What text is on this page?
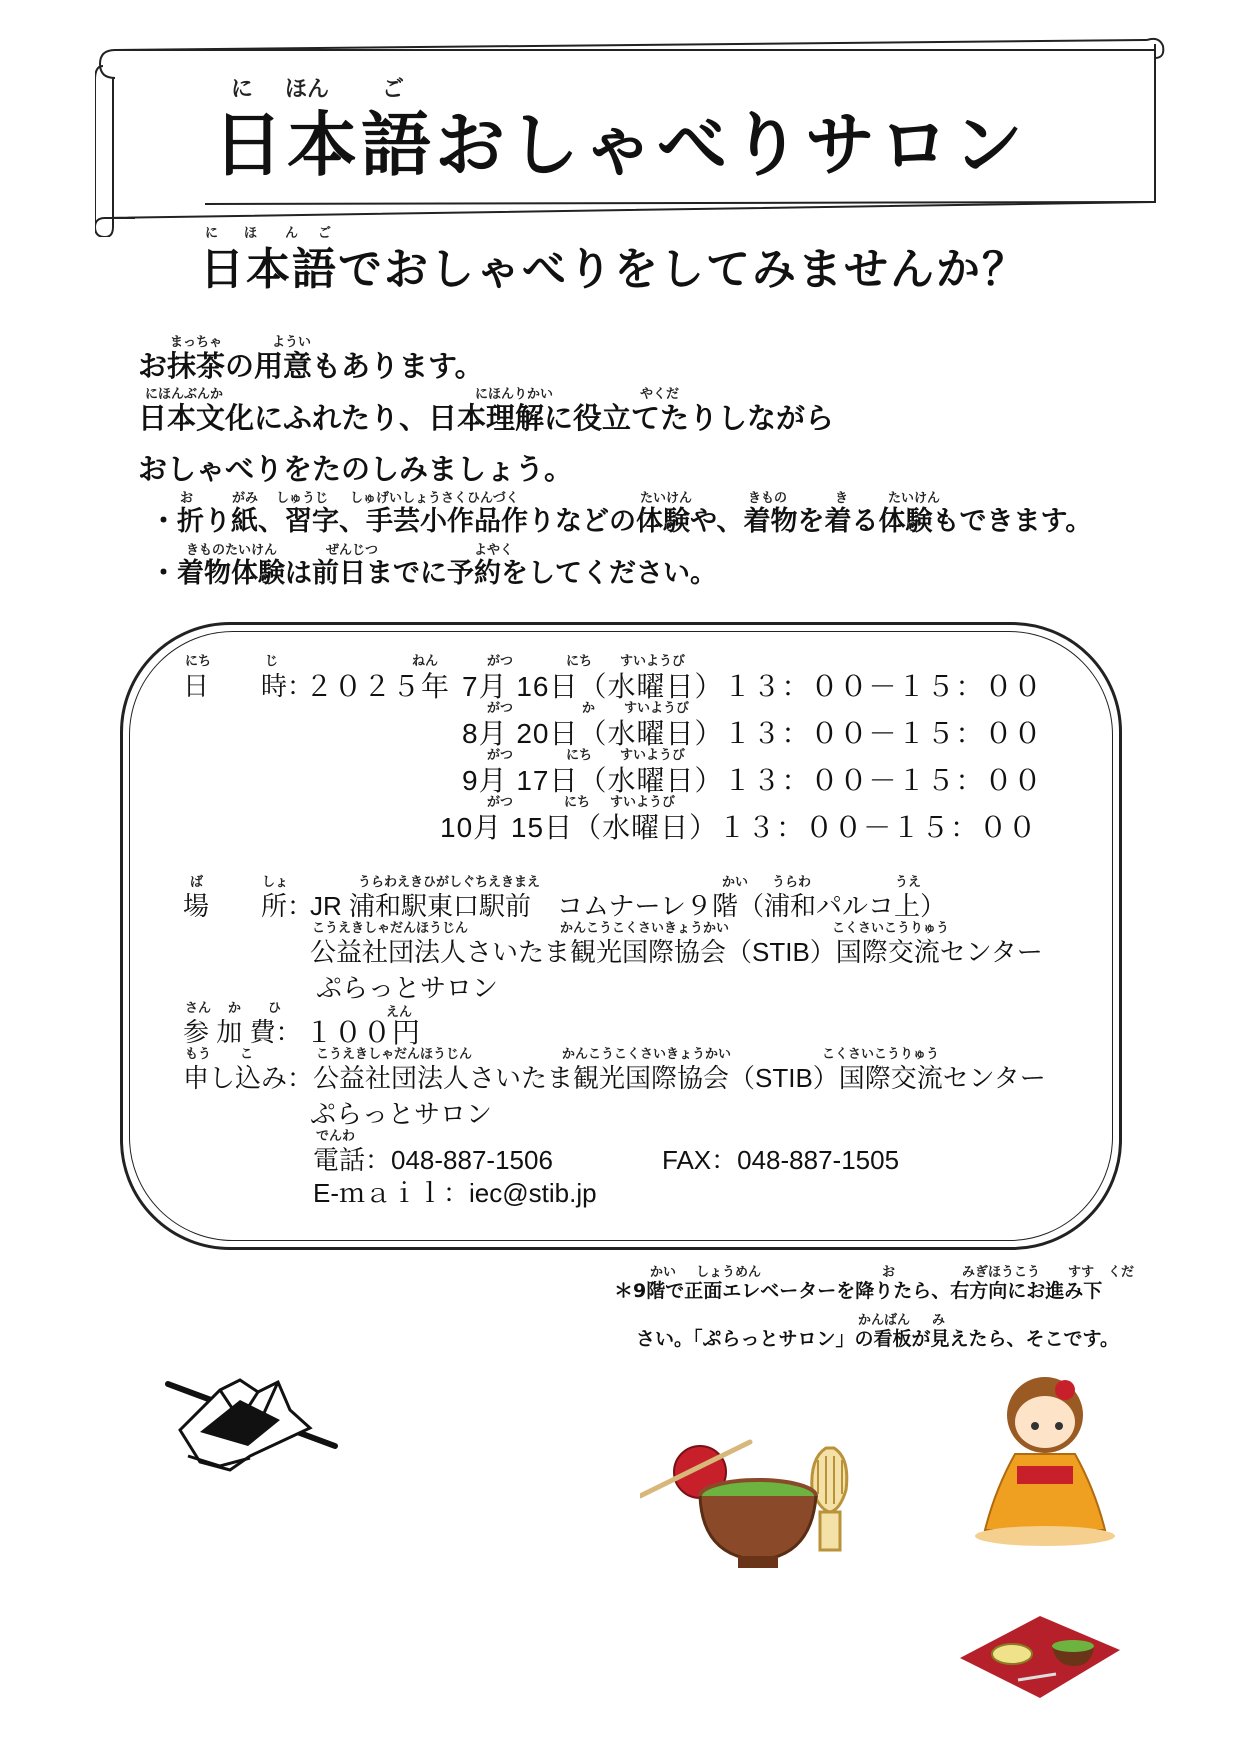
に ほん ご
日本語おしゃべりサロン
に ほ ん ご
日本語でおしゃべりをしてみませんか？
まっちゃ	ようい
お抹茶の用意もあります。
にほんぶんか	にほんりかい	やくだ
日本文化にふれたり、日本理解に役立てたりしながら
おしゃべりをたのしみましょう。
お	がみ しゅうじ しゅげいしょうさくひんづく	たいけん	きもの	き	たいけん
・折り紙、習字、手芸小作品作りなどの体験や、着物を着る体験もできます。
きものたいけん	ぜんじつ	よやく
・着物体験は前日までに予約をしてください。
にち	じ	ねん
日　　時：
２０２５年
がつ	にち すいようび
7月 16日（水曜日）１３：００－１５：００
がつ	か すいようび
8月 20日（水曜日）１３：００－１５：００
がつ	にち すいようび
9月 17日（水曜日）１３：００－１５：００
がつ	にち すいようび
10月 15日（水曜日）１３：００－１５：００
ば	しょ	うらわえきひがしぐちえきまえ	かい うらわ	うえ
場　　所：
JR 浦和駅東口駅前　コムナーレ９階（浦和パルコ上）
こうえきしゃだんほうじん	かんこうこくさいきょうかい	こくさいこうりゅう
公益社団法人さいたま観光国際協会（STIB）国際交流センター
ぷらっとサロン
さん か ひ	えん
参 加 費： １００円
もう こ	こうえきしゃだんほうじん	かんこうこくさいきょうかい	こくさいこうりゅう
申し込み： 公益社団法人さいたま観光国際協会（STIB）国際交流センター
ぷらっとサロン
でんわ
電話：048-887-1506	FAX：048-887-1505
E-ｍａｉｌ：iec@stib.jp
かい しょうめん	お	みぎほうこう すす くだ
＊9階で正面エレベーターを降りたら、右方向にお進み下
かんばん み
さい。「ぷらっとサロン」の看板が見えたら、そこです。
